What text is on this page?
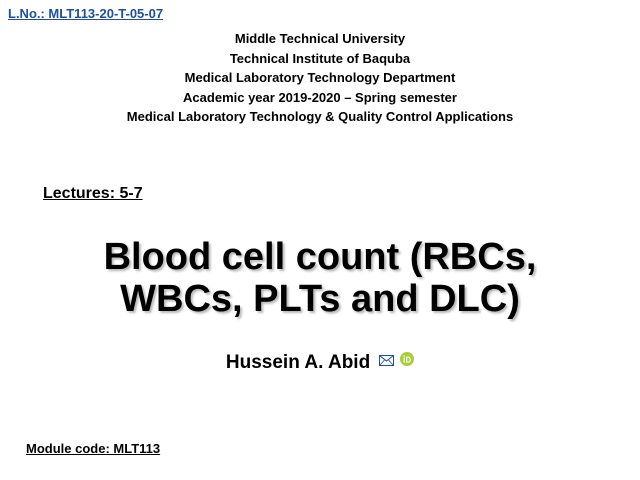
L.No.: MLT113-20-T-05-07
Middle Technical University
Technical Institute of Baquba
Medical Laboratory Technology Department
Academic year 2019-2020 – Spring semester
Medical Laboratory Technology & Quality Control Applications
Lectures: 5-7
Blood cell count (RBCs,
WBCs, PLTs and DLC)
Hussein A. Abid
Module code: MLT113
